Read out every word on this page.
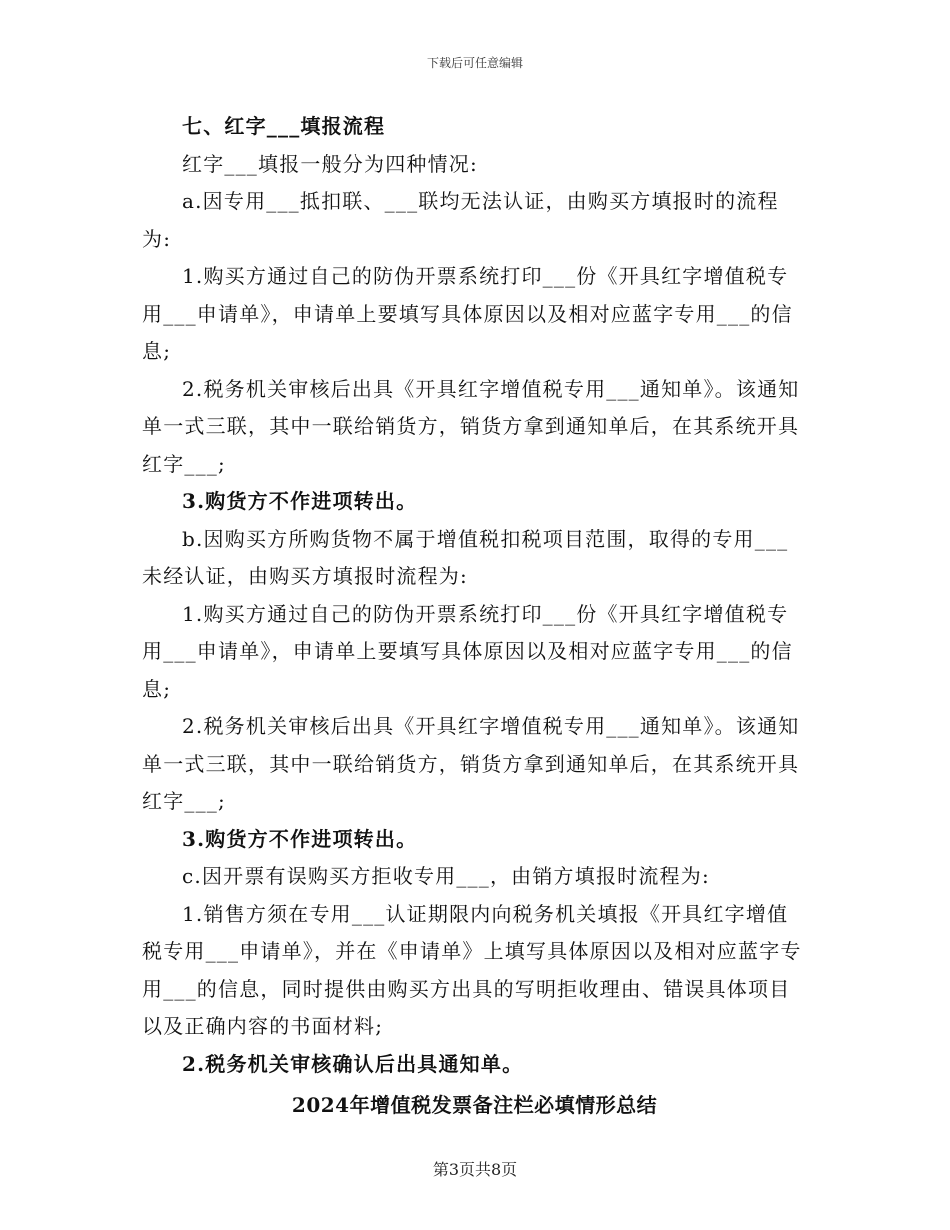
下载后可任意编辑

七、红字___填报流程

红字___填报一般分为四种情况:

a.因专用___抵扣联、___联均无法认证，由购买方填报时的流程为:

1.购买方通过自己的防伪开票系统打印___份《开具红字增值税专用___申请单》，申请单上要填写具体原因以及相对应蓝字专用___的信息;

2.税务机关审核后出具《开具红字增值税专用___通知单》。该通知单一式三联，其中一联给销货方，销货方拿到通知单后，在其系统开具红字___;

3.购货方不作进项转出。

b.因购买方所购货物不属于增值税扣税项目范围，取得的专用___未经认证，由购买方填报时流程为:

1.购买方通过自己的防伪开票系统打印___份《开具红字增值税专用___申请单》，申请单上要填写具体原因以及相对应蓝字专用___的信息;

2.税务机关审核后出具《开具红字增值税专用___通知单》。该通知单一式三联，其中一联给销货方，销货方拿到通知单后，在其系统开具红字___;

3.购货方不作进项转出。

c.因开票有误购买方拒收专用___，由销方填报时流程为:

1.销售方须在专用___认证期限内向税务机关填报《开具红字增值税专用___申请单》，并在《申请单》上填写具体原因以及相对应蓝字专用___的信息，同时提供由购买方出具的写明拒收理由、错误具体项目以及正确内容的书面材料;

2.税务机关审核确认后出具通知单。

2024年增值税发票备注栏必填情形总结

第3页共8页
